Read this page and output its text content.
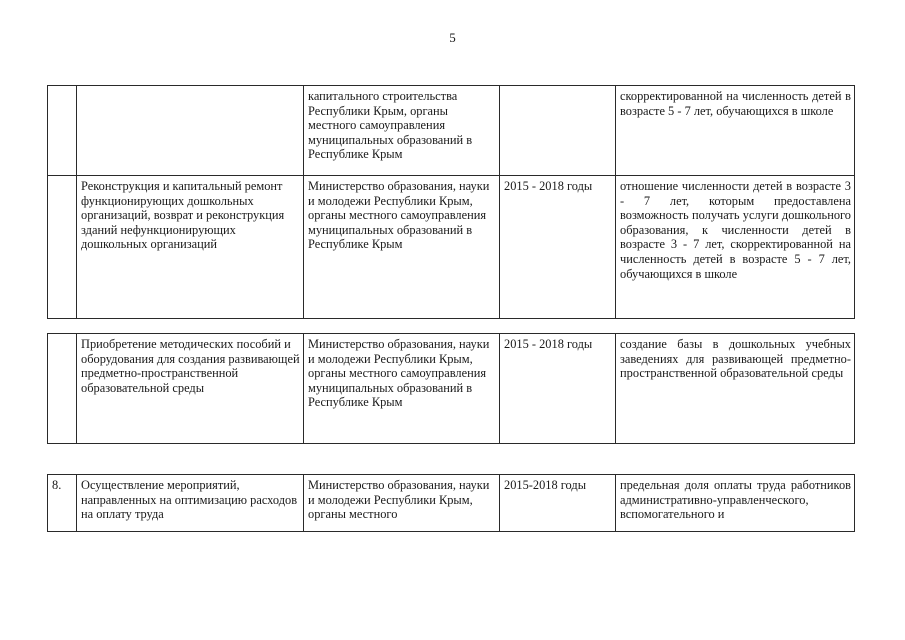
5
		капитального строительства Республики Крым, органы местного самоуправления муниципальных образований в Республике Крым		скорректированной на численность детей в возрасте 5 - 7 лет, обучающихся в школе
	Реконструкция и капитальный ремонт функционирующих дошкольных организаций, возврат и реконструкция зданий нефункционирующих дошкольных организаций	Министерство образования, науки и молодежи Республики Крым, органы местного самоуправления муниципальных образований в Республике Крым	2015 - 2018 годы	отношение численности детей в возрасте 3 - 7 лет, которым предоставлена возможность получать услуги дошкольного образования, к численности детей в возрасте 3 - 7 лет, скорректированной на численность детей в возрасте 5 - 7 лет, обучающихся в школе
	Приобретение методических пособий и оборудования для создания развивающей предметно-пространственной образовательной среды	Министерство образования, науки и молодежи Республики Крым, органы местного самоуправления муниципальных образований в Республике Крым	2015 - 2018 годы	создание базы в дошкольных учебных заведениях для развивающей предметно-пространственной образовательной среды
8.	Осуществление мероприятий, направленных на оптимизацию расходов на оплату труда	Министерство образования, науки и молодежи Республики Крым, органы местного	2015-2018 годы	предельная доля оплаты труда работников административно-управленческого, вспомогательного и
